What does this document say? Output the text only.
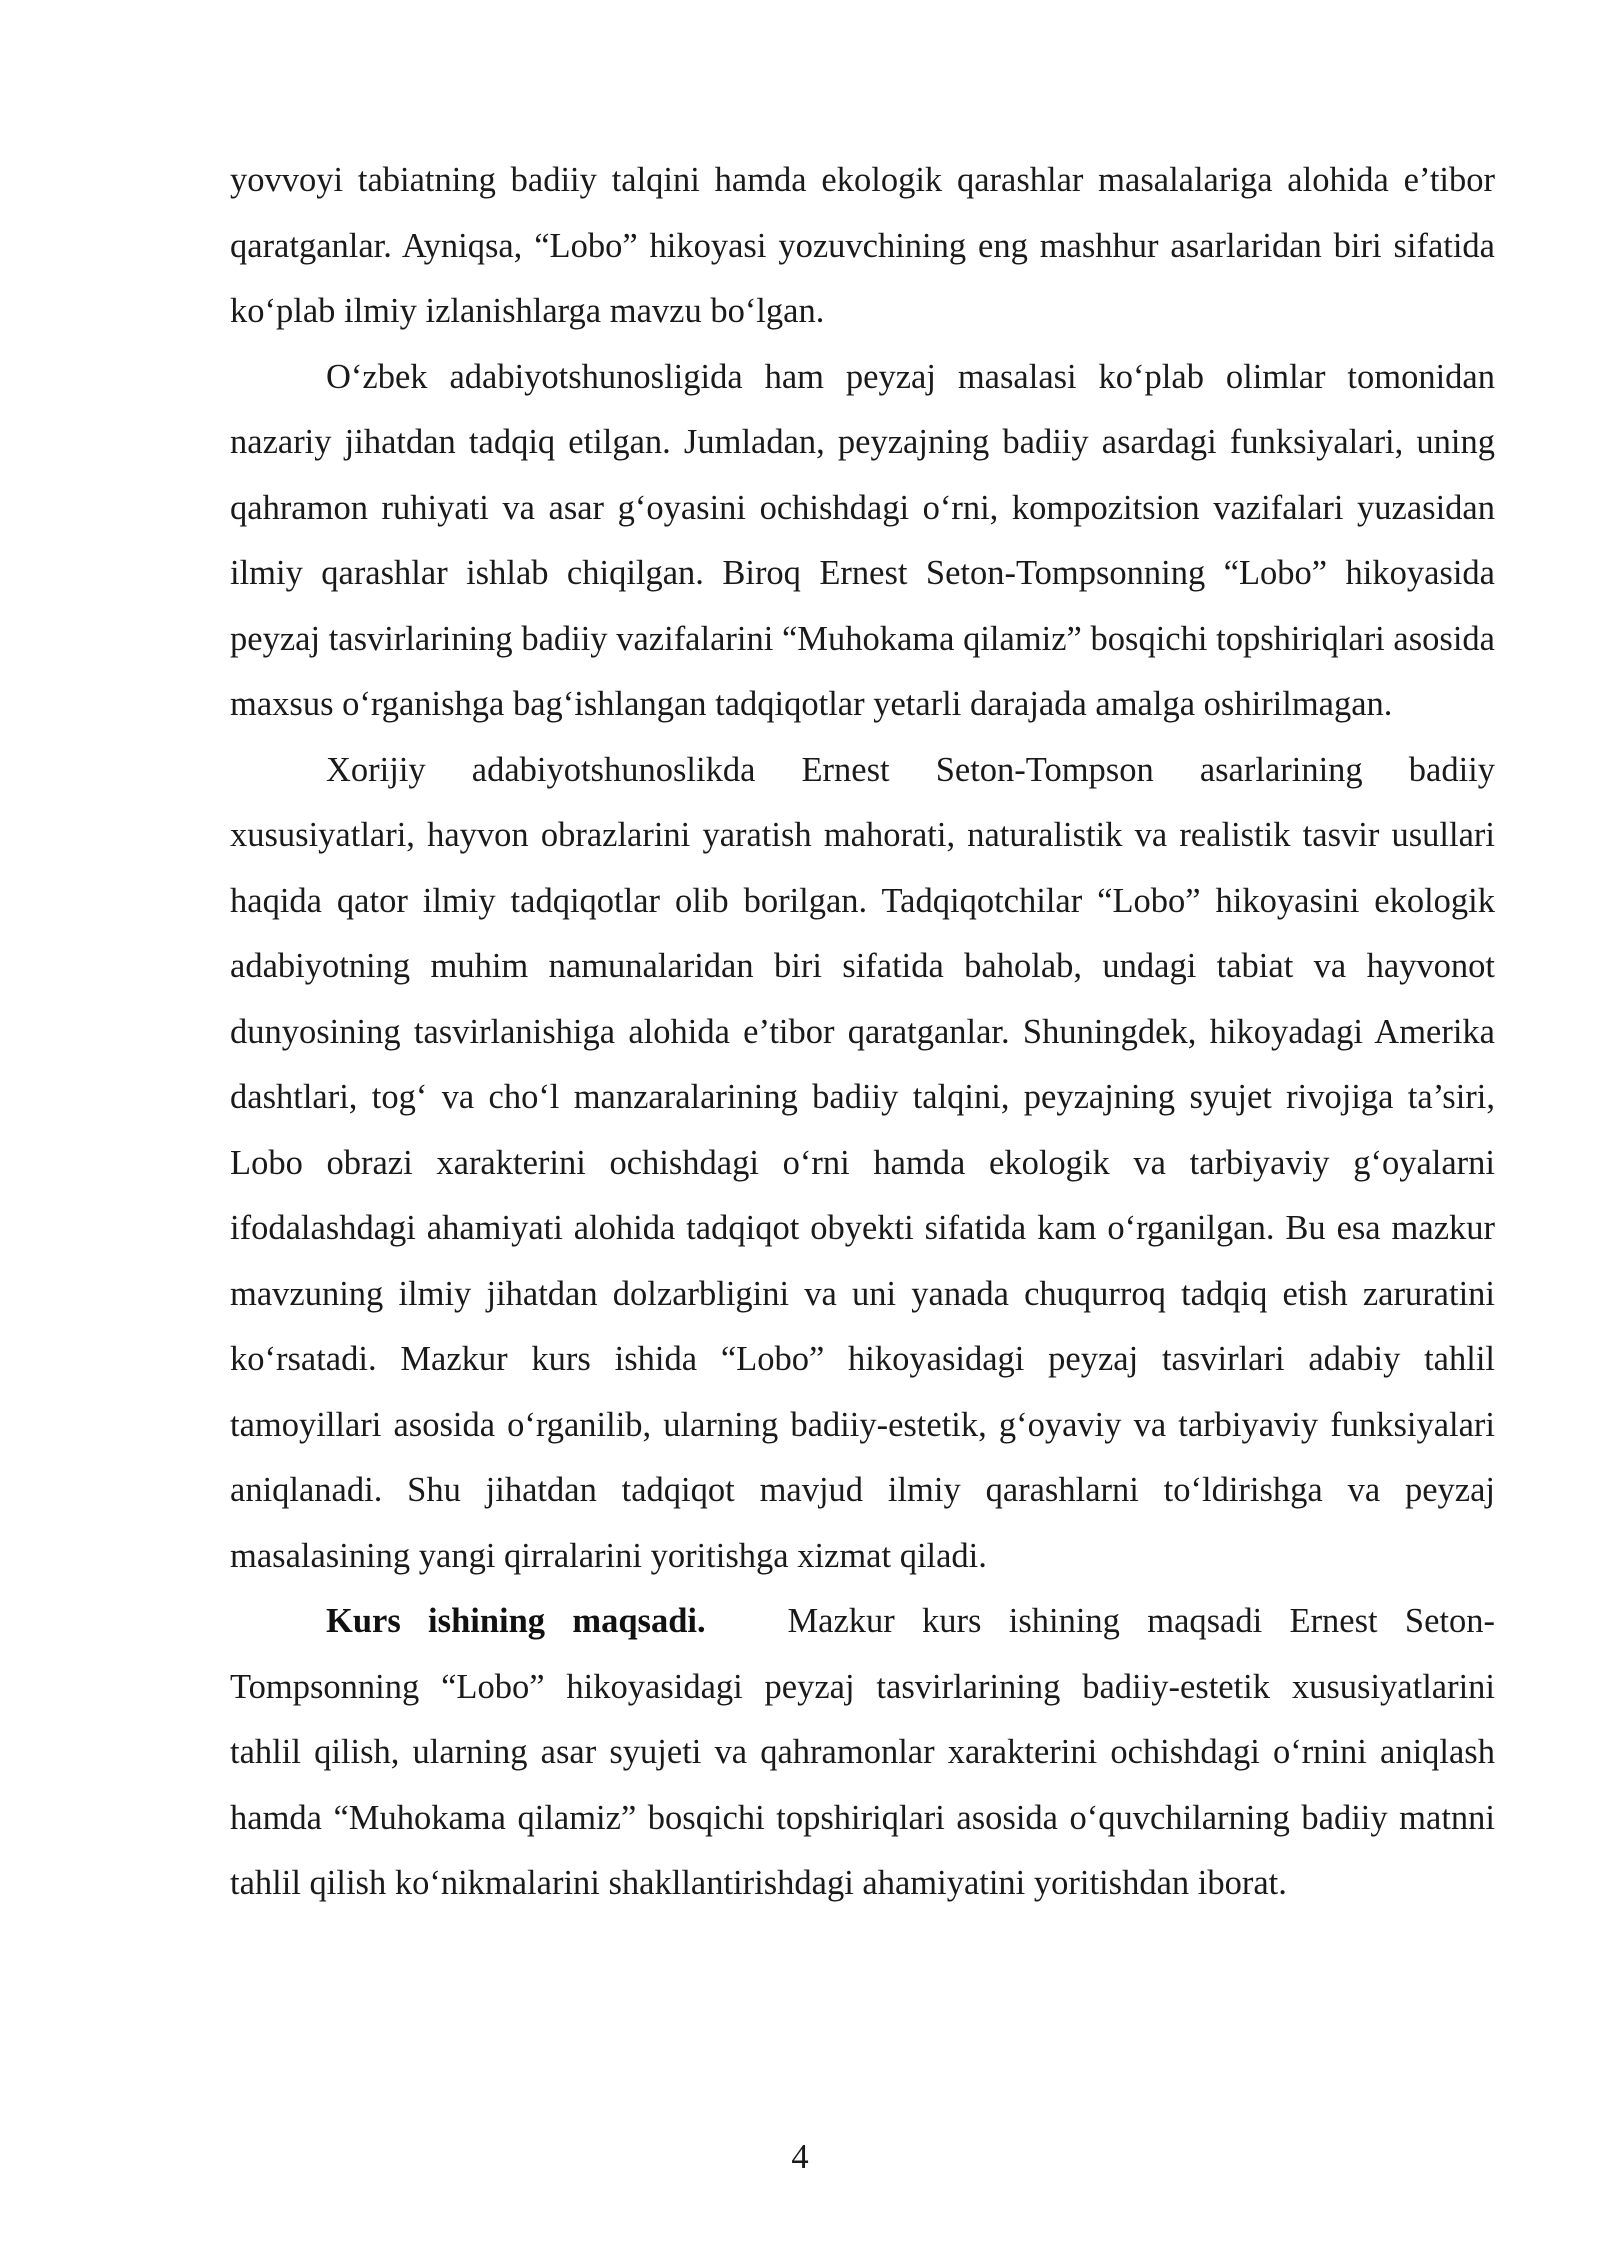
yovvoyi tabiatning badiiy talqini hamda ekologik qarashlar masalalariga alohida e’tibor qaratganlar. Ayniqsa, “Lobo” hikoyasi yozuvchining eng mashhur asarlaridan biri sifatida ko‘plab ilmiy izlanishlarga mavzu bo‘lgan.

O‘zbek adabiyotshunosligida ham peyzaj masalasi ko‘plab olimlar tomonidan nazariy jihatdan tadqiq etilgan. Jumladan, peyzajning badiiy asardagi funksiyalari, uning qahramon ruhiyati va asar g‘oyasini ochishdagi o‘rni, kompozitsion vazifalari yuzasidan ilmiy qarashlar ishlab chiqilgan. Biroq Ernest Seton-Tompsonning “Lobo” hikoyasida peyzaj tasvirlarining badiiy vazifalarini “Muhokama qilamiz” bosqichi topshiriqlari asosida maxsus o‘rganishga bag‘ishlangan tadqiqotlar yetarli darajada amalga oshirilmagan.

Xorijiy adabiyotshunoslikda Ernest Seton-Tompson asarlarining badiiy xususiyatlari, hayvon obrazlarini yaratish mahorati, naturalistik va realistik tasvir usullari haqida qator ilmiy tadqiqotlar olib borilgan. Tadqiqotchilar “Lobo” hikoyasini ekologik adabiyotning muhim namunalaridan biri sifatida baholab, undagi tabiat va hayvonot dunyosining tasvirlanishiga alohida e’tibor qaratganlar. Shuningdek, hikoyadagi Amerika dashtlari, tog‘ va cho‘l manzaralarining badiiy talqini, peyzajning syujet rivojiga ta’siri, Lobo obrazi xarakterini ochishdagi o‘rni hamda ekologik va tarbiyaviy g‘oyalarni ifodalashdagi ahamiyati alohida tadqiqot obyekti sifatida kam o‘rganilgan. Bu esa mazkur mavzuning ilmiy jihatdan dolzarbligini va uni yanada chuqurroq tadqiq etish zaruratini ko‘rsatadi. Mazkur kurs ishida “Lobo” hikoyasidagi peyzaj tasvirlari adabiy tahlil tamoyillari asosida o‘rganilib, ularning badiiy-estetik, g‘oyaviy va tarbiyaviy funksiyalari aniqlanadi. Shu jihatdan tadqiqot mavjud ilmiy qarashlarni to‘ldirishga va peyzaj masalasining yangi qirralarini yoritishga xizmat qiladi.

Kurs ishining maqsadi. Mazkur kurs ishining maqsadi Ernest Seton-Tompsonning “Lobo” hikoyasidagi peyzaj tasvirlarining badiiy-estetik xususiyatlarini tahlil qilish, ularning asar syujeti va qahramonlar xarakterini ochishdagi o‘rnini aniqlash hamda “Muhokama qilamiz” bosqichi topshiriqlari asosida o‘quvchilarning badiiy matnni tahlil qilish ko‘nikmalarini shakllantirishdagi ahamiyatini yoritishdan iborat.

4
